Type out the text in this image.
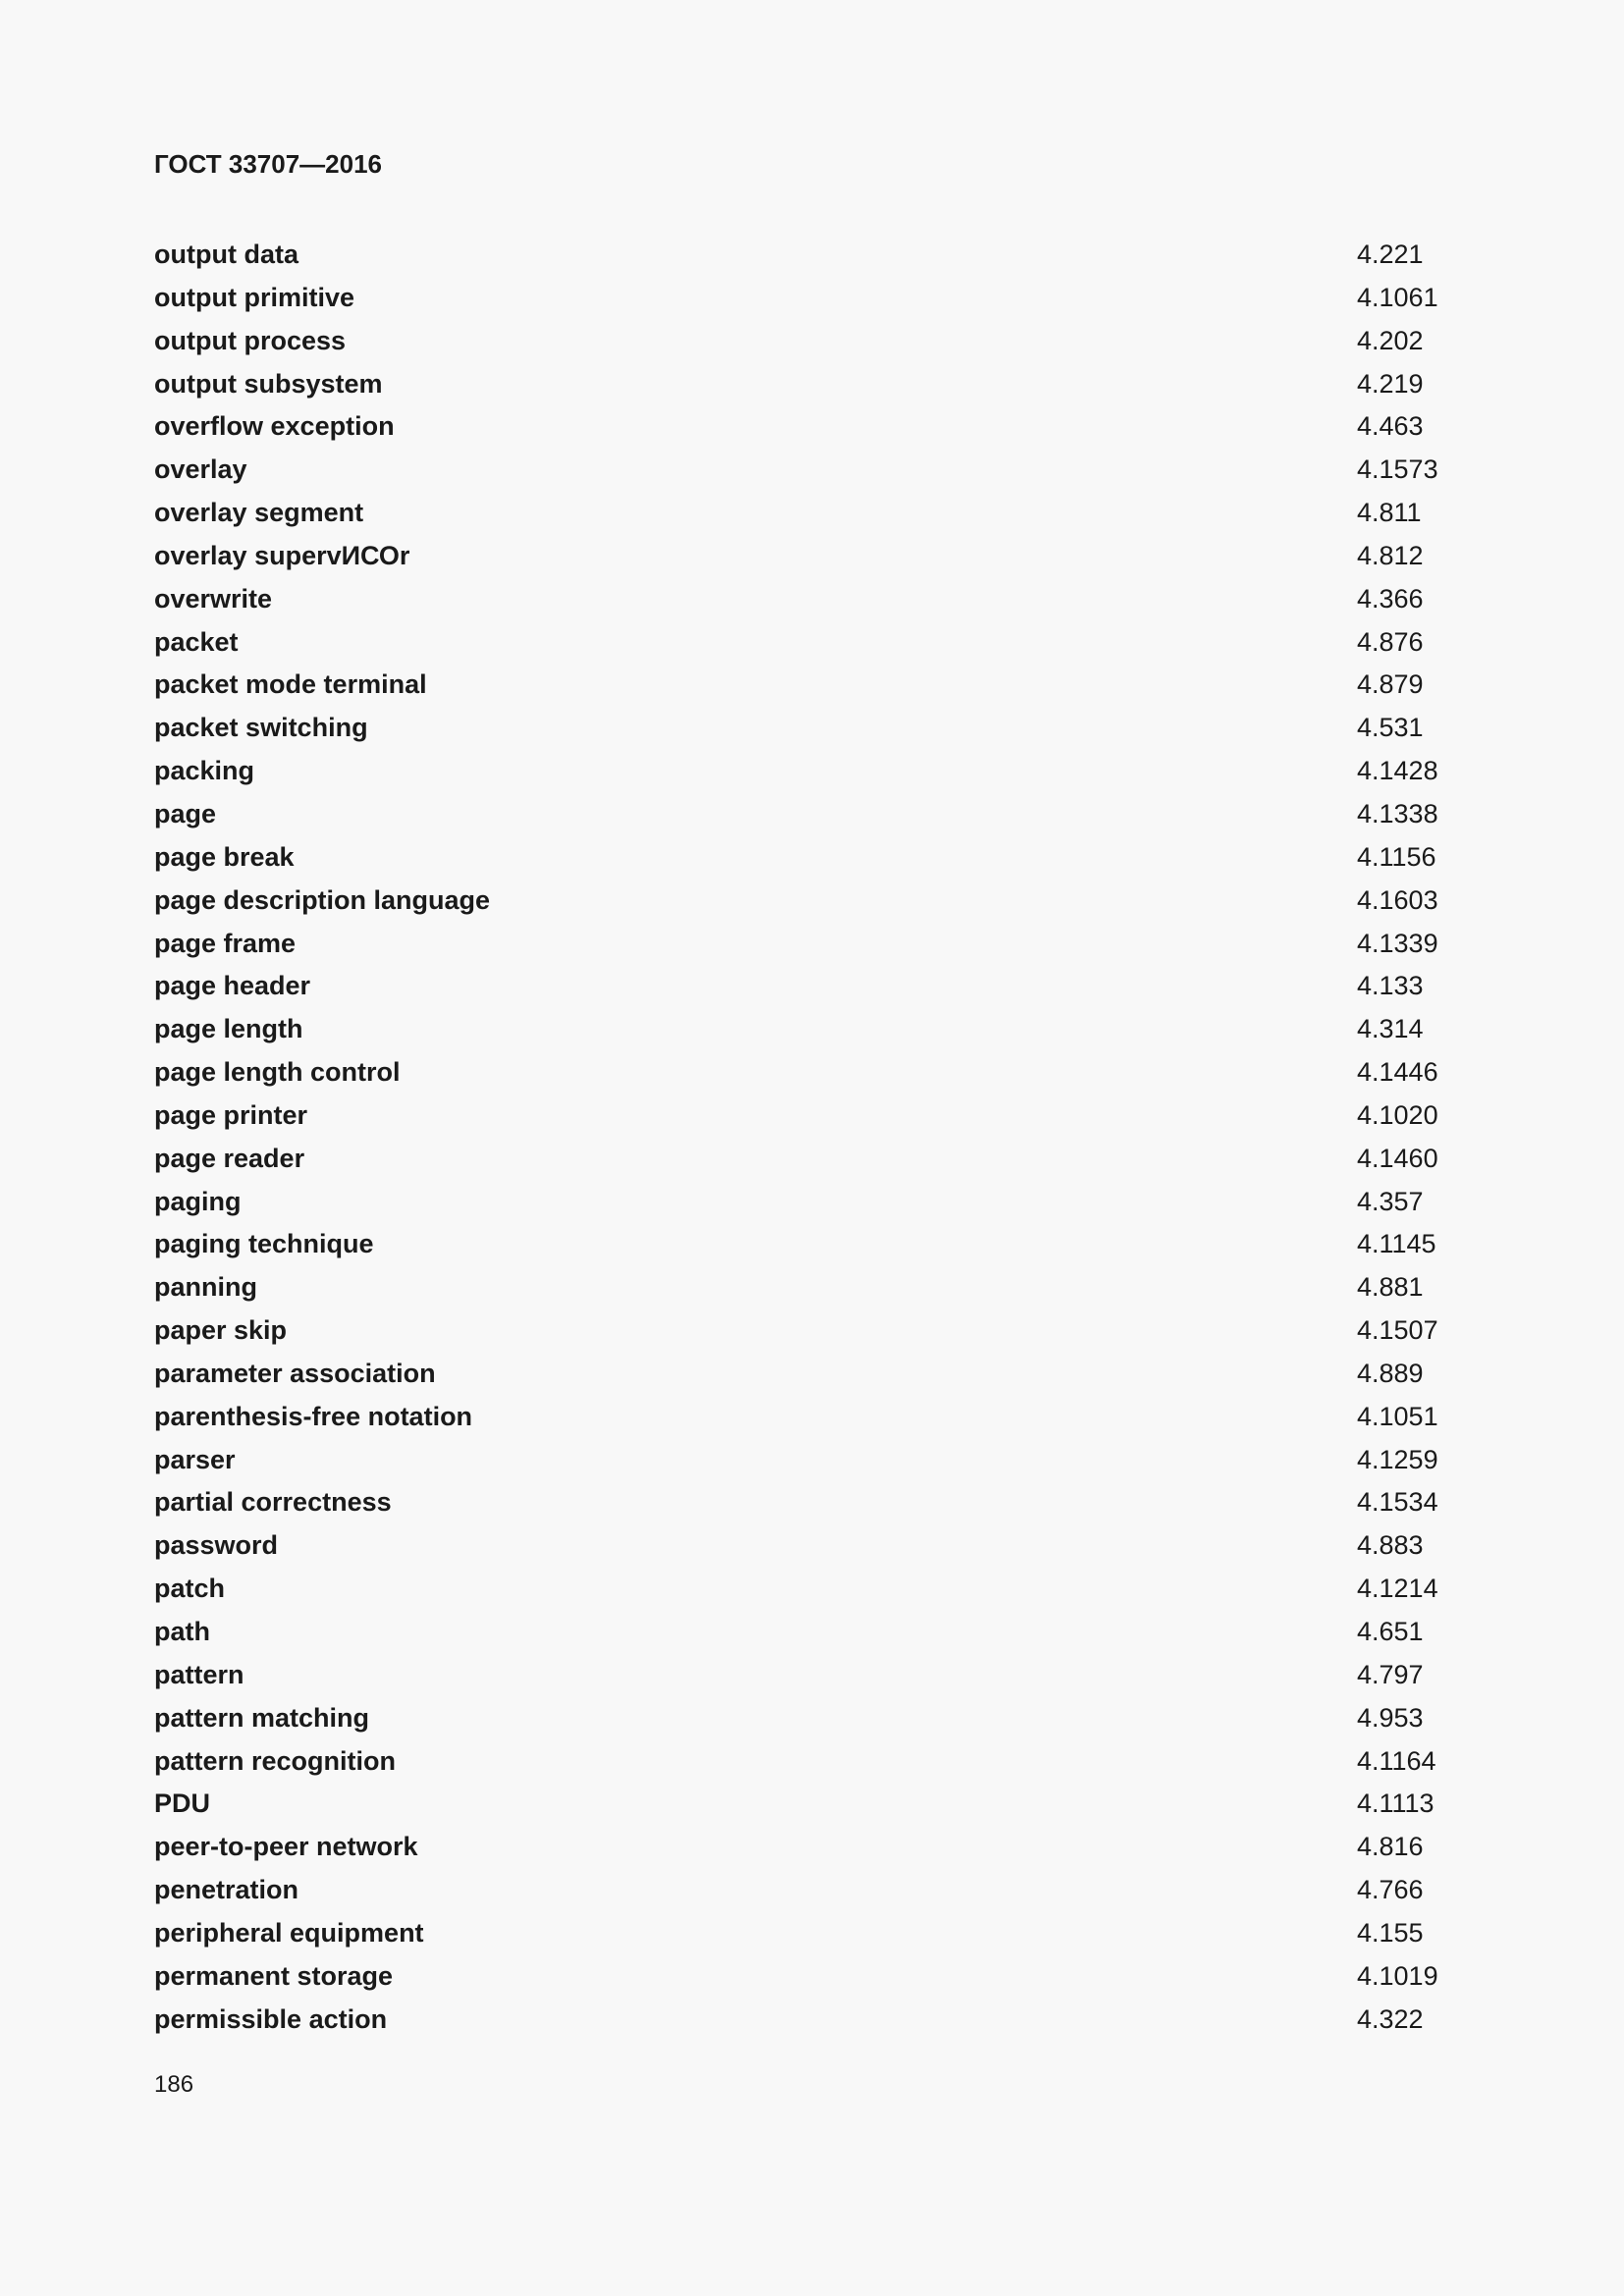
ГОСТ 33707—2016
output data	4.221
output primitive	4.1061
output process	4.202
output subsystem	4.219
overflow exception	4.463
overlay	4.1573
overlay segment	4.811
overlay supervИСОr	4.812
overwrite	4.366
packet	4.876
packet mode terminal	4.879
packet switching	4.531
packing	4.1428
page	4.1338
page break	4.1156
page description language	4.1603
page frame	4.1339
page header	4.133
page length	4.314
page length control	4.1446
page printer	4.1020
page reader	4.1460
paging	4.357
paging technique	4.1145
panning	4.881
paper skip	4.1507
parameter association	4.889
parenthesis-free notation	4.1051
parser	4.1259
partial correctness	4.1534
password	4.883
patch	4.1214
path	4.651
pattern	4.797
pattern matching	4.953
pattern recognition	4.1164
PDU	4.1113
peer-to-peer network	4.816
penetration	4.766
peripheral equipment	4.155
permanent storage	4.1019
permissible action	4.322
186
